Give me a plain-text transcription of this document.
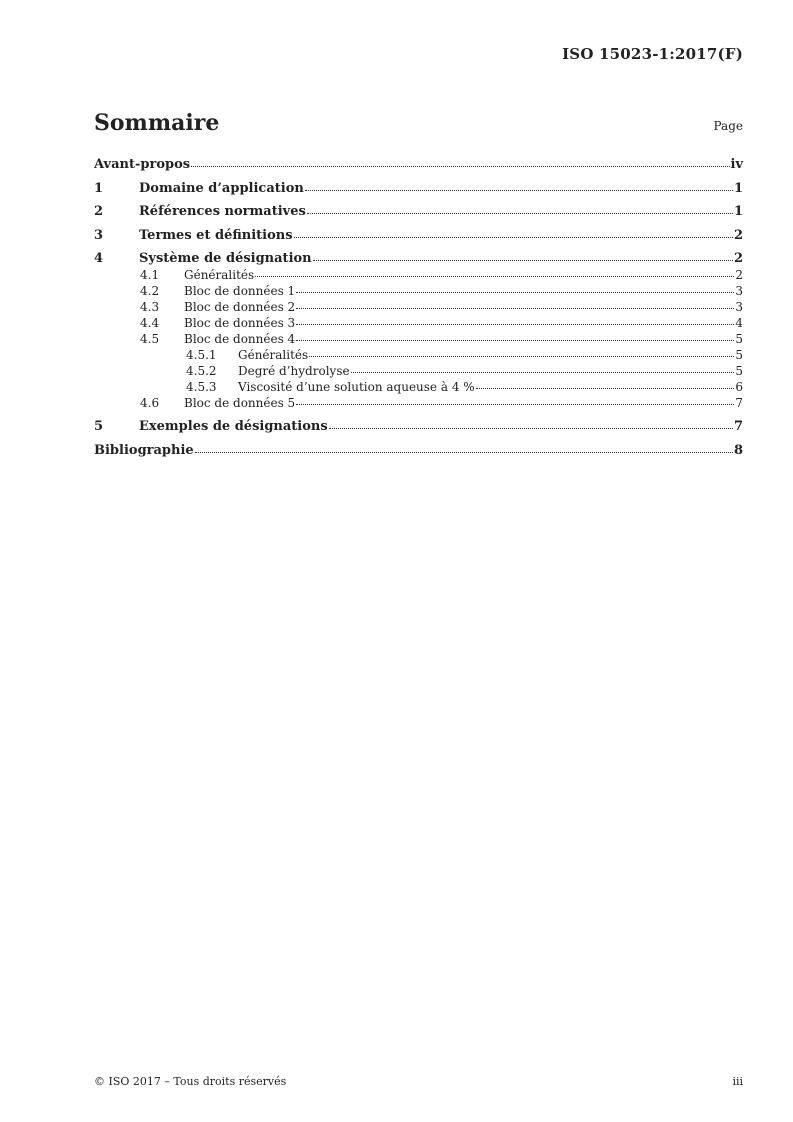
ISO 15023-1:2017(F)
Sommaire	Page
Avant-propos	iv
1	Domaine d’application	1
2	Références normatives	1
3	Termes et définitions	2
4	Système de désignation	2
4.1	Généralités	2
4.2	Bloc de données 1	3
4.3	Bloc de données 2	3
4.4	Bloc de données 3	4
4.5	Bloc de données 4	5
4.5.1	Généralités	5
4.5.2	Degré d’hydrolyse	5
4.5.3	Viscosité d’une solution aqueuse à 4 %	6
4.6	Bloc de données 5	7
5	Exemples de désignations	7
Bibliographie	8
© ISO 2017 – Tous droits réservés	iii
